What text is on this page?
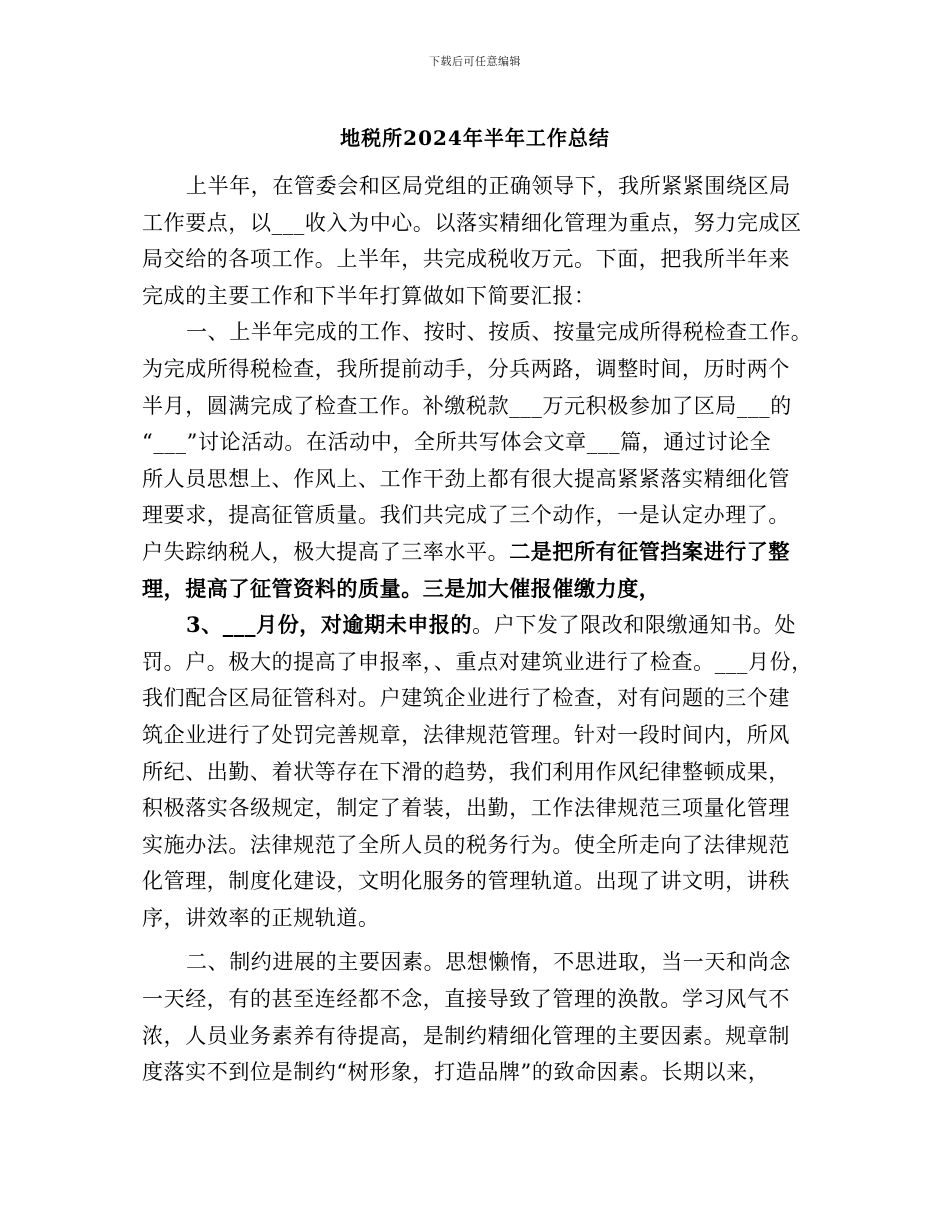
下载后可任意编辑
地税所2024年半年工作总结
上半年，在管委会和区局党组的正确领导下，我所紧紧围绕区局
工作要点，以___收入为中心。以落实精细化管理为重点，努力完成区
局交给的各项工作。上半年，共完成税收万元。下面，把我所半年来
完成的主要工作和下半年打算做如下简要汇报：
一、上半年完成的工作、按时、按质、按量完成所得税检查工作。
为完成所得税检查，我所提前动手，分兵两路，调整时间，历时两个
半月，圆满完成了检查工作。补缴税款___万元积极参加了区局___的
“___”讨论活动。在活动中，全所共写体会文章___篇，通过讨论全
所人员思想上、作风上、工作干劲上都有很大提高紧紧落实精细化管
理要求，提高征管质量。我们共完成了三个动作，一是认定办理了。
户失踪纳税人，极大提高了三率水平。二是把所有征管挡案进行了整
理，提高了征管资料的质量。三是加大催报催缴力度，
3、___月份，对逾期未申报的。户下发了限改和限缴通知书。处
罚。户。极大的提高了申报率，、重点对建筑业进行了检查。___月份，
我们配合区局征管科对。户建筑企业进行了检查，对有问题的三个建
筑企业进行了处罚完善规章，法律规范管理。针对一段时间内，所风
所纪、出勤、着状等存在下滑的趋势，我们利用作风纪律整顿成果，
积极落实各级规定，制定了着装，出勤，工作法律规范三项量化管理
实施办法。法律规范了全所人员的税务行为。使全所走向了法律规范
化管理，制度化建设，文明化服务的管理轨道。出现了讲文明，讲秩
序，讲效率的正规轨道。
二、制约进展的主要因素。思想懒惰，不思进取，当一天和尚念
一天经，有的甚至连经都不念，直接导致了管理的涣散。学习风气不
浓，人员业务素养有待提高，是制约精细化管理的主要因素。规章制
度落实不到位是制约“树形象，打造品牌”的致命因素。长期以来，
